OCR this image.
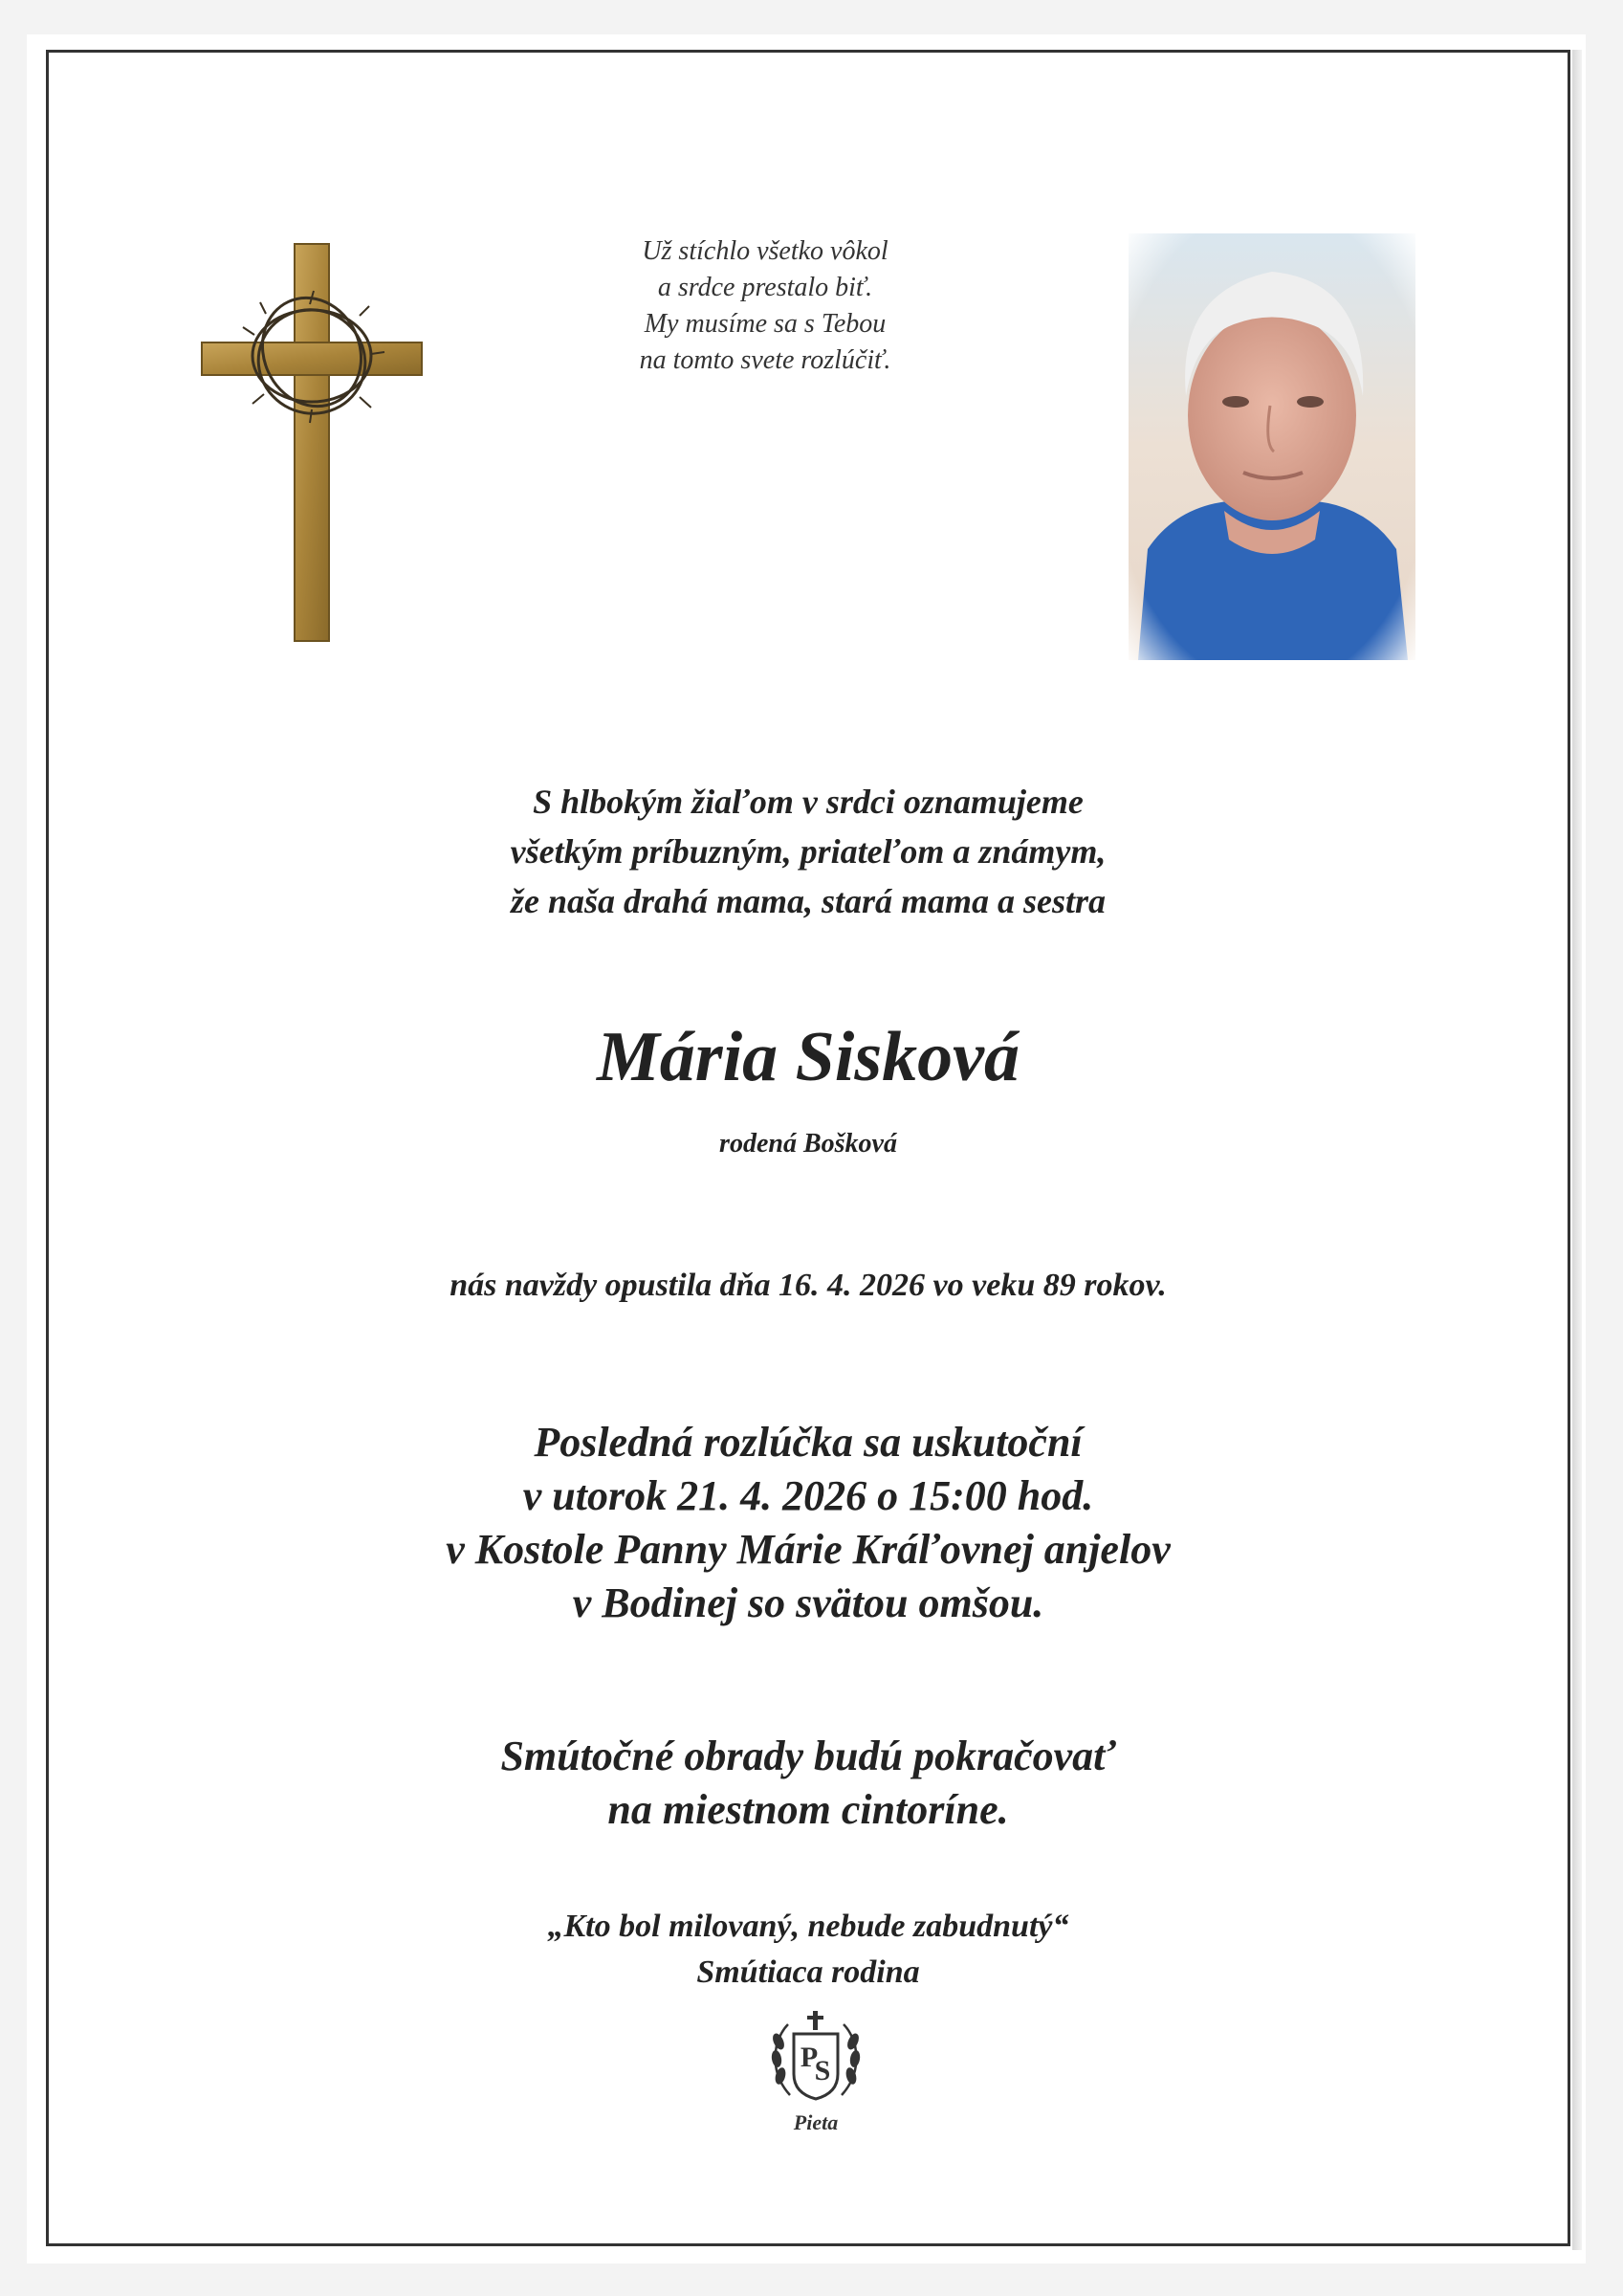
Už stíchlo všetko vôkol
a srdce prestalo biť.
My musíme sa s Tebou
na tomto svete rozlúčiť.
S hlbokým žiaľom v srdci oznamujeme
všetkým príbuzným, priateľom a známym,
že naša drahá mama, stará mama a sestra
Mária Sisková
rodená Bošková
nás navždy opustila dňa 16. 4. 2026 vo veku 89 rokov.
Posledná rozlúčka sa uskutoční
v utorok 21. 4. 2026 o 15:00 hod.
v Kostole Panny Márie Kráľovnej anjelov
v Bodinej so svätou omšou.
Smútočné obrady budú pokračovať
na miestnom cintoríne.
„Kto bol milovaný, nebude zabudnutý“
Smútiaca rodina
P
S
Pieta
